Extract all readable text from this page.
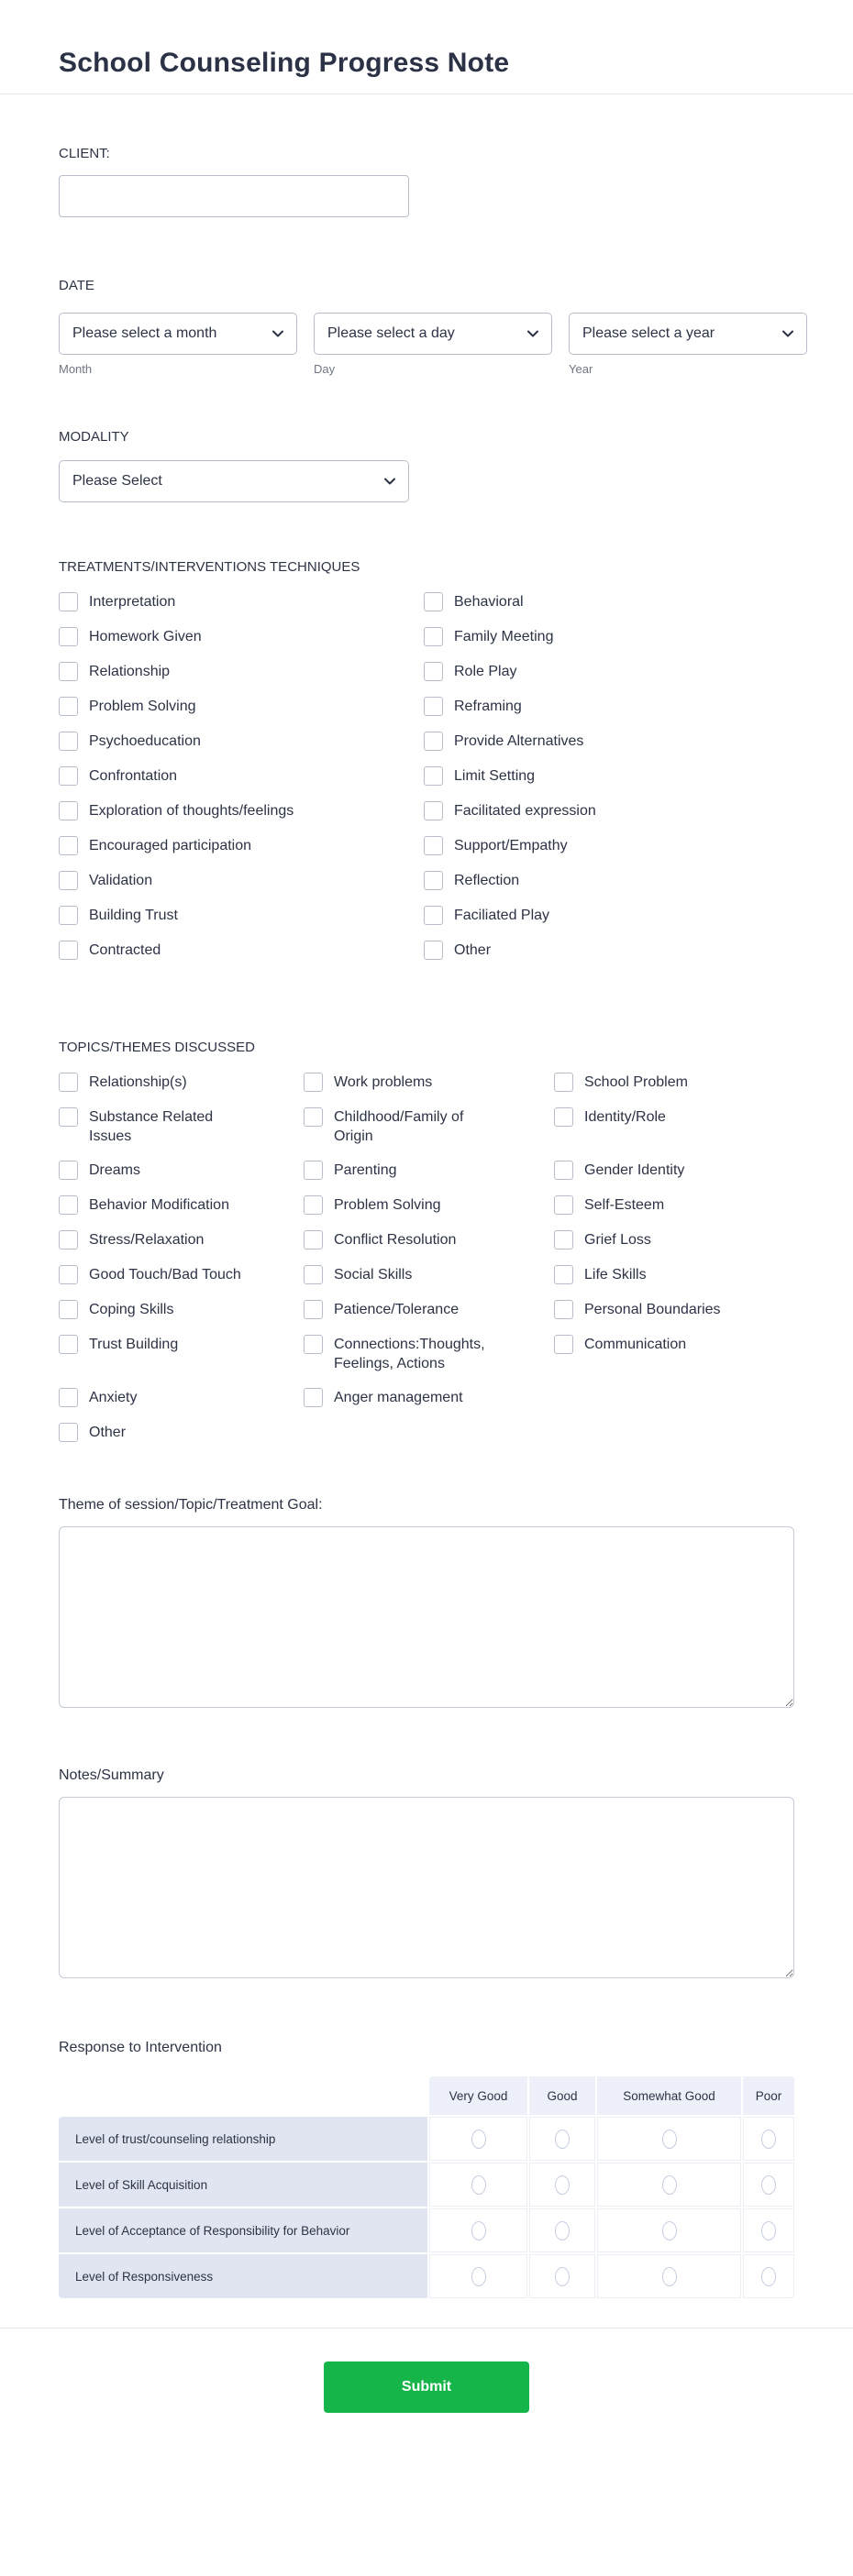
School Counseling Progress Note
CLIENT:
DATE
Please select a month
Month
Please select a day
Day
Please select a year
Year
MODALITY
Please Select
TREATMENTS/INTERVENTIONS TECHNIQUES
Interpretation	Behavioral
Homework Given	Family Meeting
Relationship	Role Play
Problem Solving	Reframing
Psychoeducation	Provide Alternatives
Confrontation	Limit Setting
Exploration of thoughts/feelings	Facilitated expression
Encouraged participation	Support/Empathy
Validation	Reflection
Building Trust	Faciliated Play
Contracted	Other
TOPICS/THEMES DISCUSSED
Relationship(s)	Work problems	School Problem
Substance Related Issues
Childhood/Family of Origin
Identity/Role
Dreams	Parenting	Gender Identity
Behavior Modification	Problem Solving	Self-Esteem
Stress/Relaxation	Conflict Resolution	Grief Loss
Good Touch/Bad Touch	Social Skills	Life Skills
Coping Skills	Patience/Tolerance	Personal Boundaries
Trust Building	Connections:Thoughts, Feelings, Actions
Communication
Anxiety	Anger management
Other
Theme of session/Topic/Treatment Goal:
Notes/Summary
Response to Intervention
Very Good	Good	Somewhat Good	Poor
Level of trust/counseling relationship
Level of Skill Acquisition
Level of Acceptance of Responsibility for Behavior
Level of Responsiveness
Submit
